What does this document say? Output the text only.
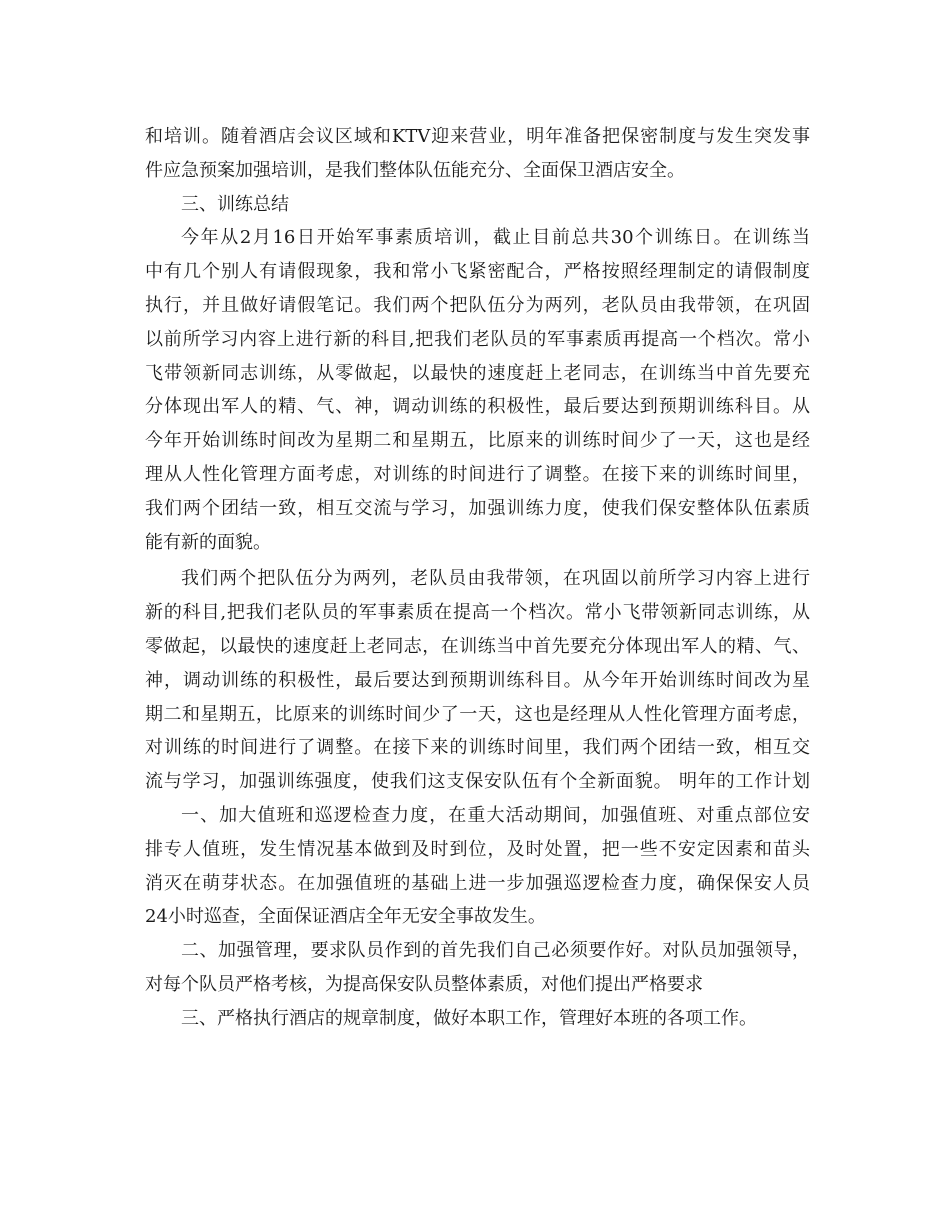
和培训。随着酒店会议区域和KTV迎来营业，明年准备把保密制度与发生突发事
件应急预案加强培训，是我们整体队伍能充分、全面保卫酒店安全。
三、训练总结
今年从2月16日开始军事素质培训，截止目前总共30个训练日。在训练当
中有几个别人有请假现象，我和常小飞紧密配合，严格按照经理制定的请假制度
执行，并且做好请假笔记。我们两个把队伍分为两列，老队员由我带领，在巩固
以前所学习内容上进行新的科目,把我们老队员的军事素质再提高一个档次。常小
飞带领新同志训练，从零做起，以最快的速度赶上老同志，在训练当中首先要充
分体现出军人的精、气、神，调动训练的积极性，最后要达到预期训练科目。从
今年开始训练时间改为星期二和星期五，比原来的训练时间少了一天，这也是经
理从人性化管理方面考虑，对训练的时间进行了调整。在接下来的训练时间里，
我们两个团结一致，相互交流与学习，加强训练力度，使我们保安整体队伍素质
能有新的面貌。
我们两个把队伍分为两列，老队员由我带领，在巩固以前所学习内容上进行
新的科目,把我们老队员的军事素质在提高一个档次。常小飞带领新同志训练，从
零做起，以最快的速度赶上老同志，在训练当中首先要充分体现出军人的精、气、
神，调动训练的积极性，最后要达到预期训练科目。从今年开始训练时间改为星
期二和星期五，比原来的训练时间少了一天，这也是经理从人性化管理方面考虑，
对训练的时间进行了调整。在接下来的训练时间里，我们两个团结一致，相互交
流与学习，加强训练强度，使我们这支保安队伍有个全新面貌。 明年的工作计划
一、加大值班和巡逻检查力度，在重大活动期间，加强值班、对重点部位安
排专人值班，发生情况基本做到及时到位，及时处置，把一些不安定因素和苗头
消灭在萌芽状态。在加强值班的基础上进一步加强巡逻检查力度，确保保安人员
24小时巡查，全面保证酒店全年无安全事故发生。
二、加强管理，要求队员作到的首先我们自己必须要作好。对队员加强领导，
对每个队员严格考核，为提高保安队员整体素质，对他们提出严格要求
三、严格执行酒店的规章制度，做好本职工作，管理好本班的各项工作。
